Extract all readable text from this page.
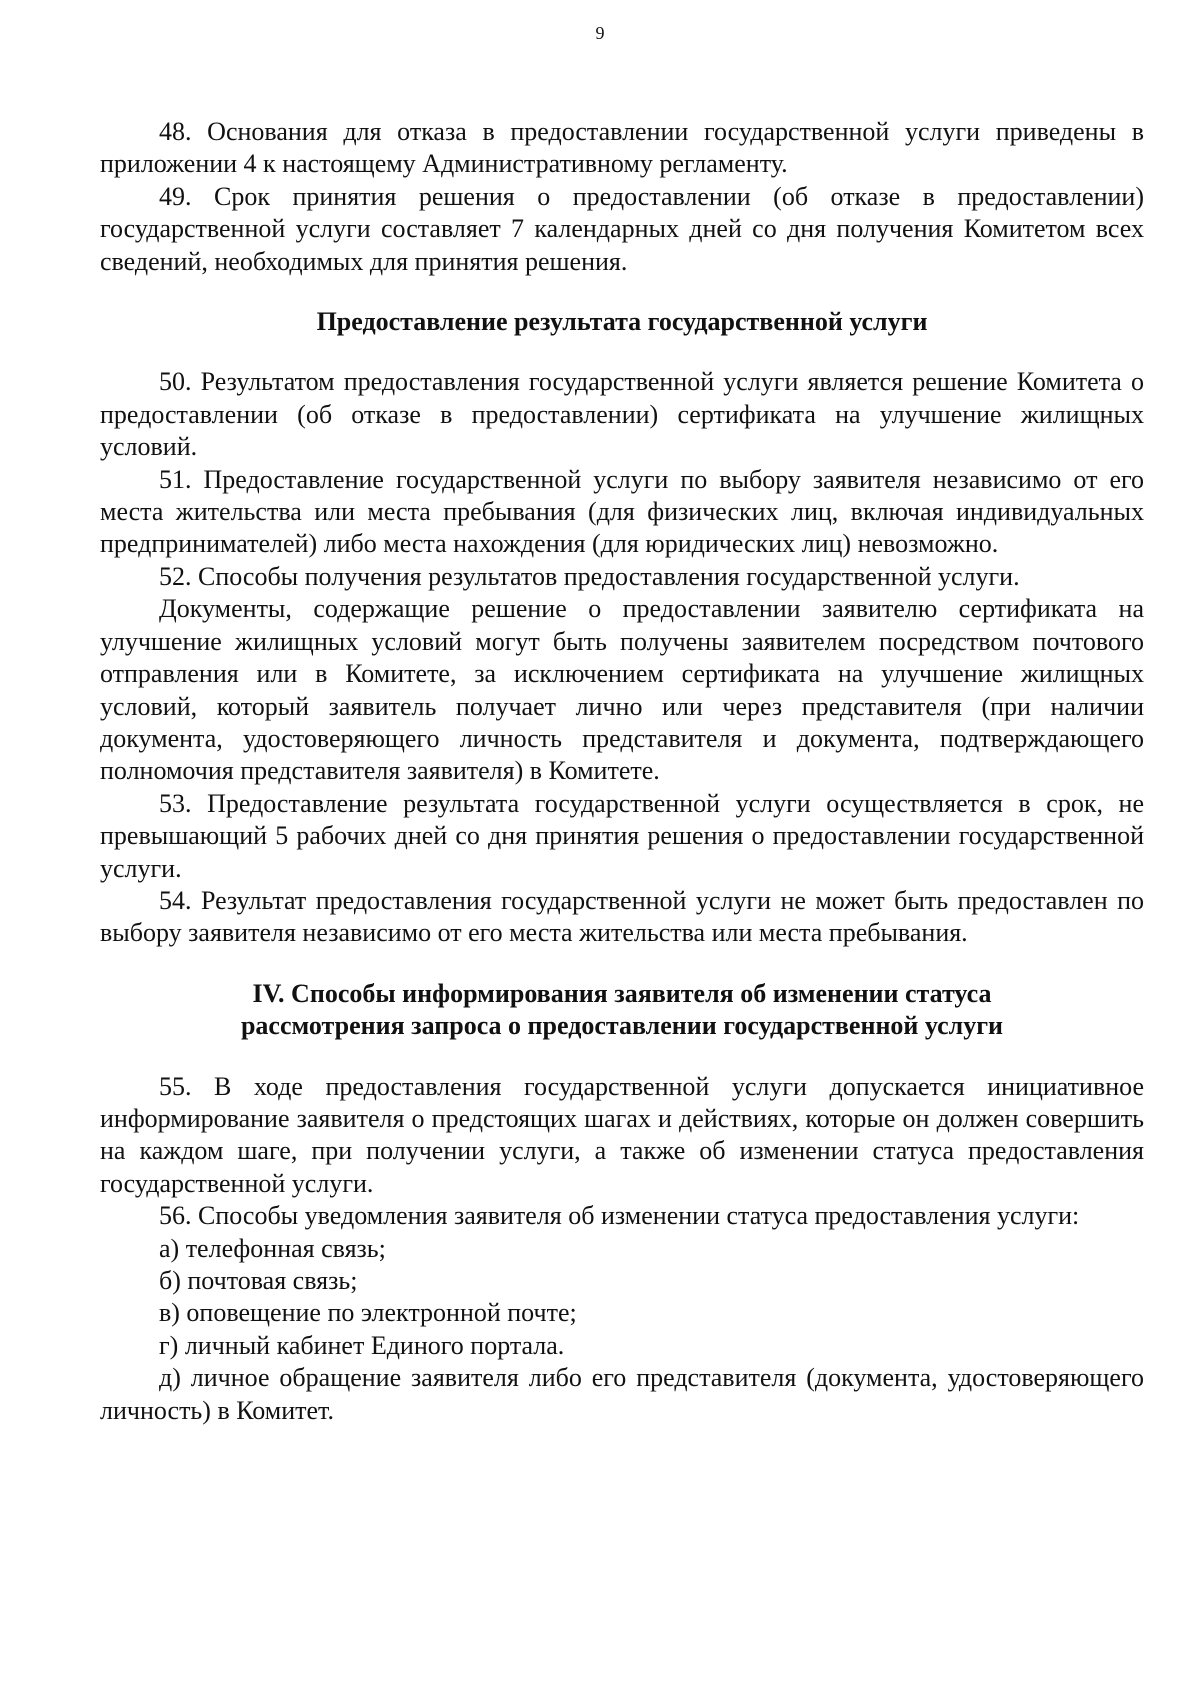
9

48. Основания для отказа в предоставлении государственной услуги приведены в приложении 4 к настоящему Административному регламенту.

49. Срок принятия решения о предоставлении (об отказе в предоставлении) государственной услуги составляет 7 календарных дней со дня получения Комитетом всех сведений, необходимых для принятия решения.

Предоставление результата государственной услуги

50. Результатом предоставления государственной услуги является решение Комитета о предоставлении (об отказе в предоставлении) сертификата на улучшение жилищных условий.

51. Предоставление государственной услуги по выбору заявителя независимо от его места жительства или места пребывания (для физических лиц, включая индивидуальных предпринимателей) либо места нахождения (для юридических лиц) невозможно.

52. Способы получения результатов предоставления государственной услуги.

Документы, содержащие решение о предоставлении заявителю сертификата на улучшение жилищных условий могут быть получены заявителем посредством почтового отправления или в Комитете, за исключением сертификата на улучшение жилищных условий, который заявитель получает лично или через представителя (при наличии документа, удостоверяющего личность представителя и документа, подтверждающего полномочия представителя заявителя) в Комитете.

53. Предоставление результата государственной услуги осуществляется в срок, не превышающий 5 рабочих дней со дня принятия решения о предоставлении государственной услуги.

54. Результат предоставления государственной услуги не может быть предоставлен по выбору заявителя независимо от его места жительства или места пребывания.

IV. Способы информирования заявителя об изменении статуса
рассмотрения запроса о предоставлении государственной услуги

55. В ходе предоставления государственной услуги допускается инициативное информирование заявителя о предстоящих шагах и действиях, которые он должен совершить на каждом шаге, при получении услуги, а также об изменении статуса предоставления государственной услуги.

56. Способы уведомления заявителя об изменении статуса предоставления услуги:

а) телефонная связь;

б) почтовая связь;

в) оповещение по электронной почте;

г) личный кабинет Единого портала.

д) личное обращение заявителя либо его представителя (документа, удостоверяющего личность) в Комитет.
